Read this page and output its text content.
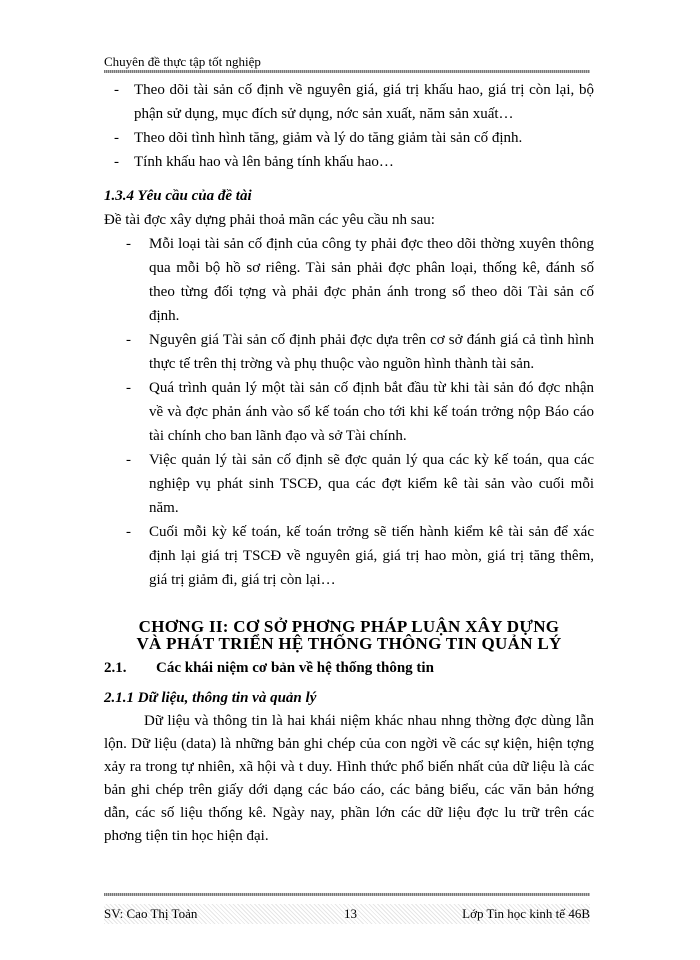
Chuyên đề thực tập tốt nghiệp
- Theo dõi tài sản cố định về nguyên giá, giá trị khấu hao, giá trị còn lại, bộ phận sử dụng, mục đích sử dụng, nớc sản xuất, năm sản xuất…
- Theo dõi tình hình tăng, giảm và lý do tăng giảm tài sản cố định.
- Tính khấu hao và lên bảng tính khấu hao…
1.3.4 Yêu cầu của đề tài

Đề tài đợc xây dựng phải thoả mãn các yêu cầu nh sau:

- Mỗi loại tài sản cố định của công ty phải đợc theo dõi thờng xuyên thông qua mỗi bộ hồ sơ riêng. Tài sản phải đợc phân loại, thống kê, đánh số theo từng đối tợng và phải đợc phản ánh trong sổ theo dõi Tài sản cố định.
- Nguyên giá Tài sản cố định phải đợc dựa trên cơ sở đánh giá cả tình hình thực tế trên thị trờng và phụ thuộc vào nguồn hình thành tài sản.
- Quá trình quản lý một tài sản cố định bắt đầu từ khi tài sản đó đợc nhận về và đợc phản ánh vào sổ kế toán cho tới khi kế toán trởng nộp Báo cáo tài chính cho ban lãnh đạo và sở Tài chính.
- Việc quản lý tài sản cố định sẽ đợc quản lý qua các kỳ kế toán, qua các nghiệp vụ phát sinh TSCĐ, qua các đợt kiểm kê tài sản vào cuối mỗi năm.
- Cuối mỗi kỳ kế toán, kế toán trởng sẽ tiến hành kiểm kê tài sản để xác định lại giá trị TSCĐ về nguyên giá, giá trị hao mòn, giá trị tăng thêm, giá trị giảm đi, giá trị còn lại…
CHƠNG II: CƠ SỞ PHƠNG PHÁP LUẬN XÂY DỰNG
VÀ PHÁT TRIỂN HỆ THỐNG THÔNG TIN QUẢN LÝ
2.1. Các khái niệm cơ bản về hệ thống thông tin
2.1.1 Dữ liệu, thông tin và quản lý

Dữ liệu và thông tin là hai khái niệm khác nhau nhng thờng đợc dùng lẫn lộn. Dữ liệu (data) là những bản ghi chép của con ngời về các sự kiện, hiện tợng xảy ra trong tự nhiên, xã hội và t duy. Hình thức phổ biến nhất của dữ liệu là các bản ghi chép trên giấy dới dạng các báo cáo, các bảng biểu, các văn bản hớng dẫn, các số liệu thống kê. Ngày nay, phần lớn các dữ liệu đợc lu trữ trên các phơng tiện tin học hiện đại.

SV: Cao Thị Toản	13	Lớp Tin học kinh tế 46B
